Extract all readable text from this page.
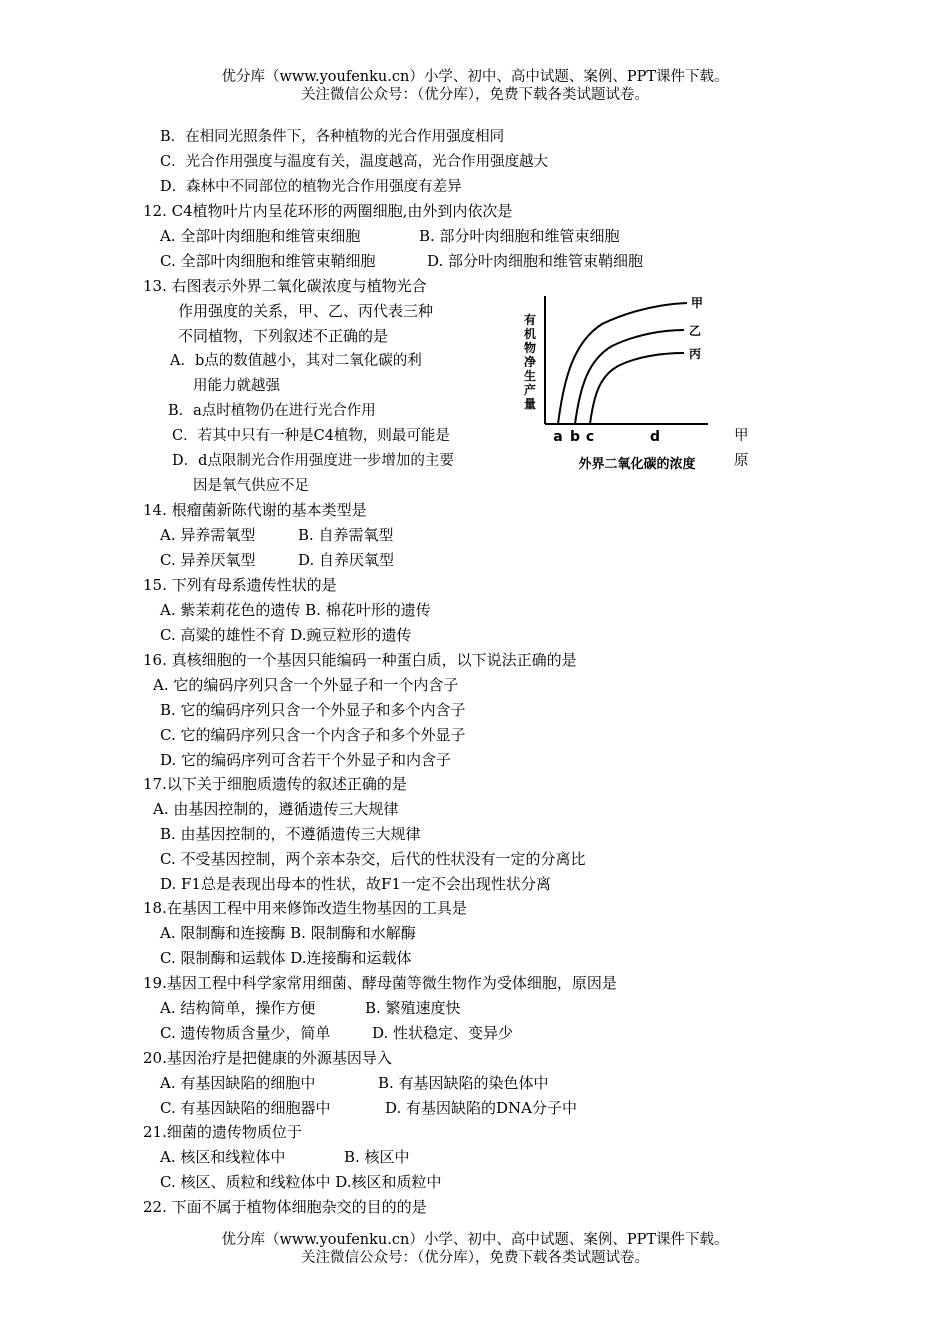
优分库（www.youfenku.cn）小学、初中、高中试题、案例、PPT课件下载。
关注微信公众号：（优分库），免费下载各类试题试卷。
B．在相同光照条件下，各种植物的光合作用强度相同
C．光合作用强度与温度有关，温度越高，光合作用强度越大
D．森林中不同部位的植物光合作用强度有差异
12. C4植物叶片内呈花环形的两圈细胞,由外到内依次是
A. 全部叶肉细胞和维管束细胞	B. 部分叶肉细胞和维管束细胞
C. 全部叶肉细胞和维管束鞘细胞	D. 部分叶肉细胞和维管束鞘细胞
13. 右图表示外界二氧化碳浓度与植物光合
作用强度的关系，甲、乙、丙代表三种
不同植物，下列叙述不正确的是
A．b点的数值越小，其对二氧化碳的利
用能力就越强
B．a点时植物仍在进行光合作用
C．若其中只有一种是C4植物，则最可能是	甲
D．d点限制光合作用强度进一步增加的主要	原
因是氧气供应不足
有
机
物
净
生
产
量
甲
乙
丙
a b c	d
外界二氧化碳的浓度
14. 根瘤菌新陈代谢的基本类型是
A. 异养需氧型	B. 自养需氧型
C. 异养厌氧型	D. 自养厌氧型
15. 下列有母系遗传性状的是
A. 紫茉莉花色的遗传 B. 棉花叶形的遗传
C. 高粱的雄性不育 D.豌豆粒形的遗传
16. 真核细胞的一个基因只能编码一种蛋白质，以下说法正确的是
A. 它的编码序列只含一个外显子和一个内含子
B. 它的编码序列只含一个外显子和多个内含子
C. 它的编码序列只含一个内含子和多个外显子
D. 它的编码序列可含若干个外显子和内含子
17.以下关于细胞质遗传的叙述正确的是
A. 由基因控制的，遵循遗传三大规律
B. 由基因控制的，不遵循遗传三大规律
C. 不受基因控制，两个亲本杂交，后代的性状没有一定的分离比
D. F1总是表现出母本的性状，故F1一定不会出现性状分离
18.在基因工程中用来修饰改造生物基因的工具是
A. 限制酶和连接酶 B. 限制酶和水解酶
C. 限制酶和运载体 D.连接酶和运载体
19.基因工程中科学家常用细菌、酵母菌等微生物作为受体细胞，原因是
A. 结构简单，操作方便	B. 繁殖速度快
C. 遗传物质含量少，简单	D. 性状稳定、变异少
20.基因治疗是把健康的外源基因导入
A. 有基因缺陷的细胞中	B. 有基因缺陷的染色体中
C. 有基因缺陷的细胞器中	D. 有基因缺陷的DNA分子中
21.细菌的遗传物质位于
A. 核区和线粒体中	B. 核区中
C. 核区、质粒和线粒体中 D.核区和质粒中
22. 下面不属于植物体细胞杂交的目的的是
优分库（www.youfenku.cn）小学、初中、高中试题、案例、PPT课件下载。
关注微信公众号：（优分库），免费下载各类试题试卷。
